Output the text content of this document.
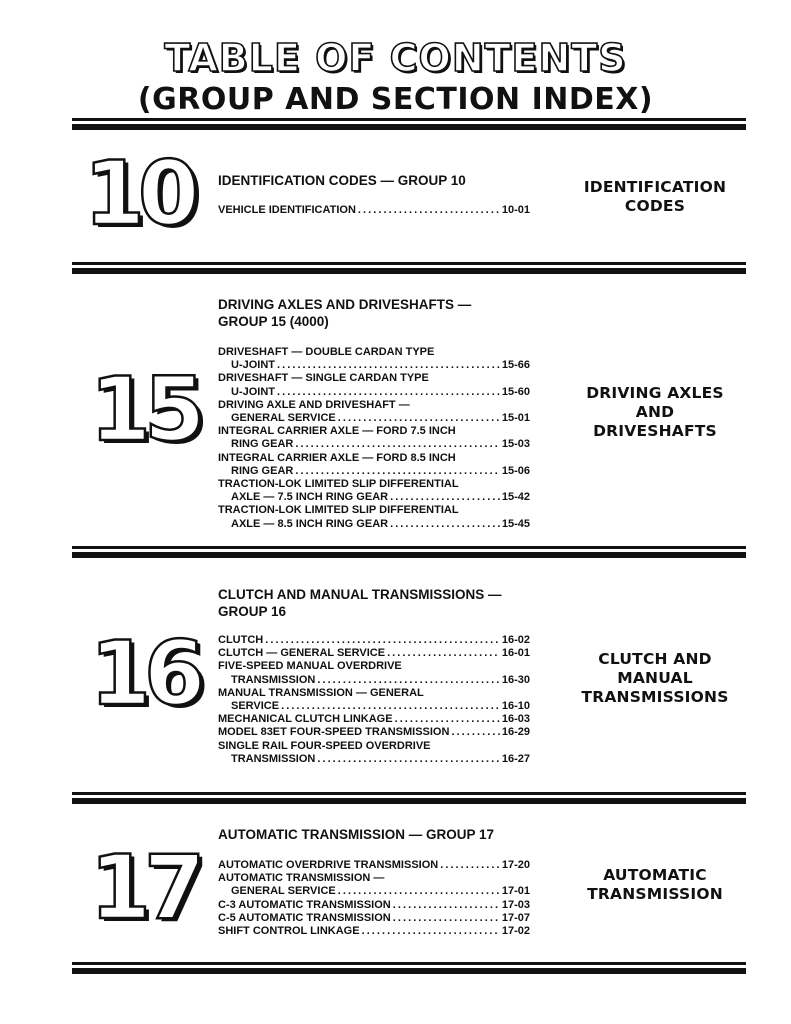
TABLE OF CONTENTS
(GROUP AND SECTION INDEX)
10 IDENTIFICATION CODES — GROUP 10
VEHICLE IDENTIFICATION . . .	10-01
IDENTIFICATION
CODES
15
DRIVING AXLES AND DRIVESHAFTS —
GROUP 15 (4000)
DRIVESHAFT — DOUBLE CARDAN TYPE
U-JOINT . . .	15-66
DRIVESHAFT — SINGLE CARDAN TYPE
U-JOINT . . .	15-60
DRIVING AXLE AND DRIVESHAFT —
GENERAL SERVICE . . .	15-01
INTEGRAL CARRIER AXLE — FORD 7.5 INCH
RING GEAR . . .	15-03
INTEGRAL CARRIER AXLE — FORD 8.5 INCH
RING GEAR . . .	15-06
TRACTION-LOK LIMITED SLIP DIFFERENTIAL
AXLE — 7.5 INCH RING GEAR . . .	15-42
TRACTION-LOK LIMITED SLIP DIFFERENTIAL
AXLE — 8.5 INCH RING GEAR . . .	15-45
DRIVING AXLES
AND
DRIVESHAFTS
16
CLUTCH AND MANUAL TRANSMISSIONS —
GROUP 16
CLUTCH . . .	16-02
CLUTCH — GENERAL SERVICE . . .	16-01
FIVE-SPEED MANUAL OVERDRIVE
TRANSMISSION . . .	16-30
MANUAL TRANSMISSION — GENERAL
SERVICE . . .	16-10
MECHANICAL CLUTCH LINKAGE . . .	16-03
MODEL 83ET FOUR-SPEED TRANSMISSION . . .	16-29
SINGLE RAIL FOUR-SPEED OVERDRIVE
TRANSMISSION . . .	16-27
CLUTCH AND
MANUAL
TRANSMISSIONS
17
AUTOMATIC TRANSMISSION — GROUP 17
AUTOMATIC OVERDRIVE TRANSMISSION . . .	17-20
AUTOMATIC TRANSMISSION —
GENERAL SERVICE . . .	17-01
C-3 AUTOMATIC TRANSMISSION . . .	17-03
C-5 AUTOMATIC TRANSMISSION . . .	17-07
SHIFT CONTROL LINKAGE . . .	17-02
AUTOMATIC
TRANSMISSION
